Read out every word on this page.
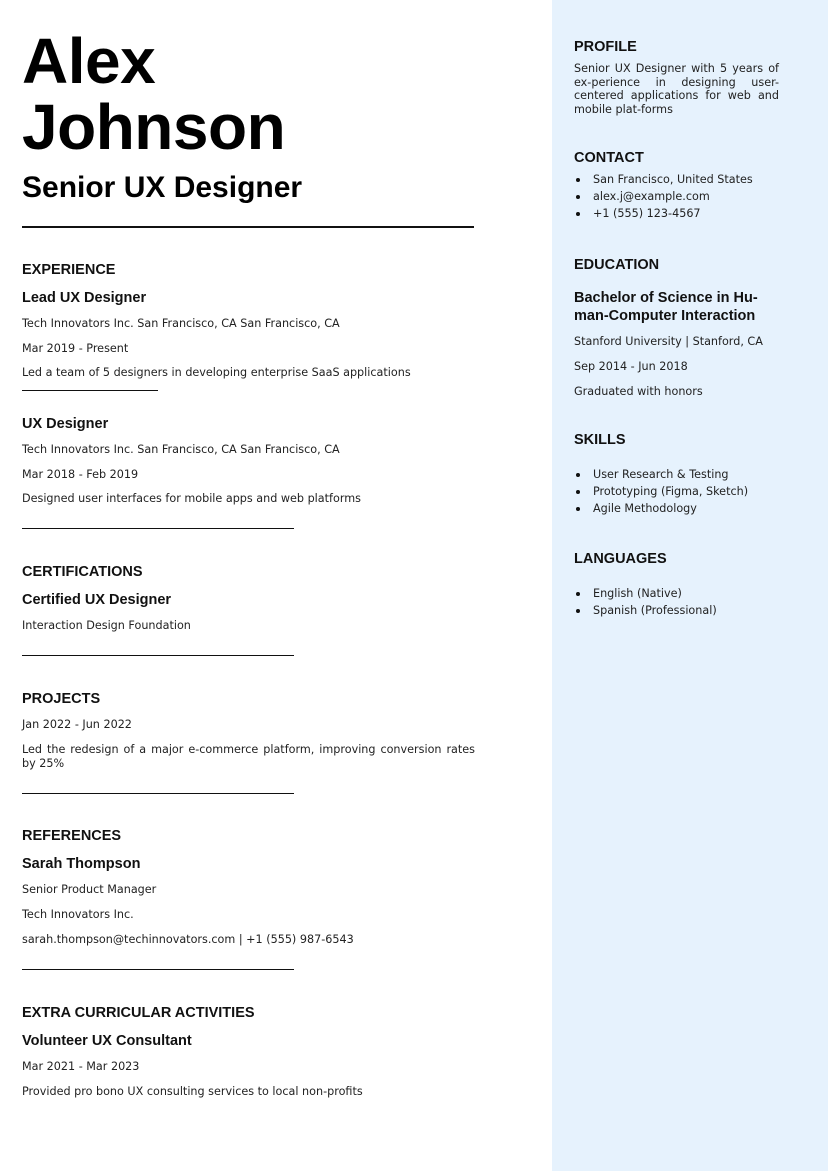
Alex
Johnson
Senior UX Designer
EXPERIENCE
Lead UX Designer
Tech Innovators Inc. San Francisco, CA San Francisco, CA
Mar 2019 - Present
Led a team of 5 designers in developing enterprise SaaS applications
UX Designer
Tech Innovators Inc. San Francisco, CA San Francisco, CA
Mar 2018 - Feb 2019
Designed user interfaces for mobile apps and web platforms
CERTIFICATIONS
Certified UX Designer
Interaction Design Foundation
PROJECTS
Jan 2022 - Jun 2022
Led the redesign of a major e-commerce platform, improving conversion rates by 25%
REFERENCES
Sarah Thompson
Senior Product Manager
Tech Innovators Inc.
sarah.thompson@techinnovators.com | +1 (555) 987-6543
EXTRA CURRICULAR ACTIVITIES
Volunteer UX Consultant
Mar 2021 - Mar 2023
Provided pro bono UX consulting services to local non-profits
PROFILE
Senior UX Designer with 5 years of ex-perience in designing user-centered applications for web and mobile plat-forms
CONTACT
San Francisco, United States
alex.j@example.com
+1 (555) 123-4567
EDUCATION
Bachelor of Science in Hu-man-Computer Interaction
Stanford University | Stanford, CA
Sep 2014 - Jun 2018
Graduated with honors
SKILLS
User Research & Testing
Prototyping (Figma, Sketch)
Agile Methodology
LANGUAGES
English (Native)
Spanish (Professional)
